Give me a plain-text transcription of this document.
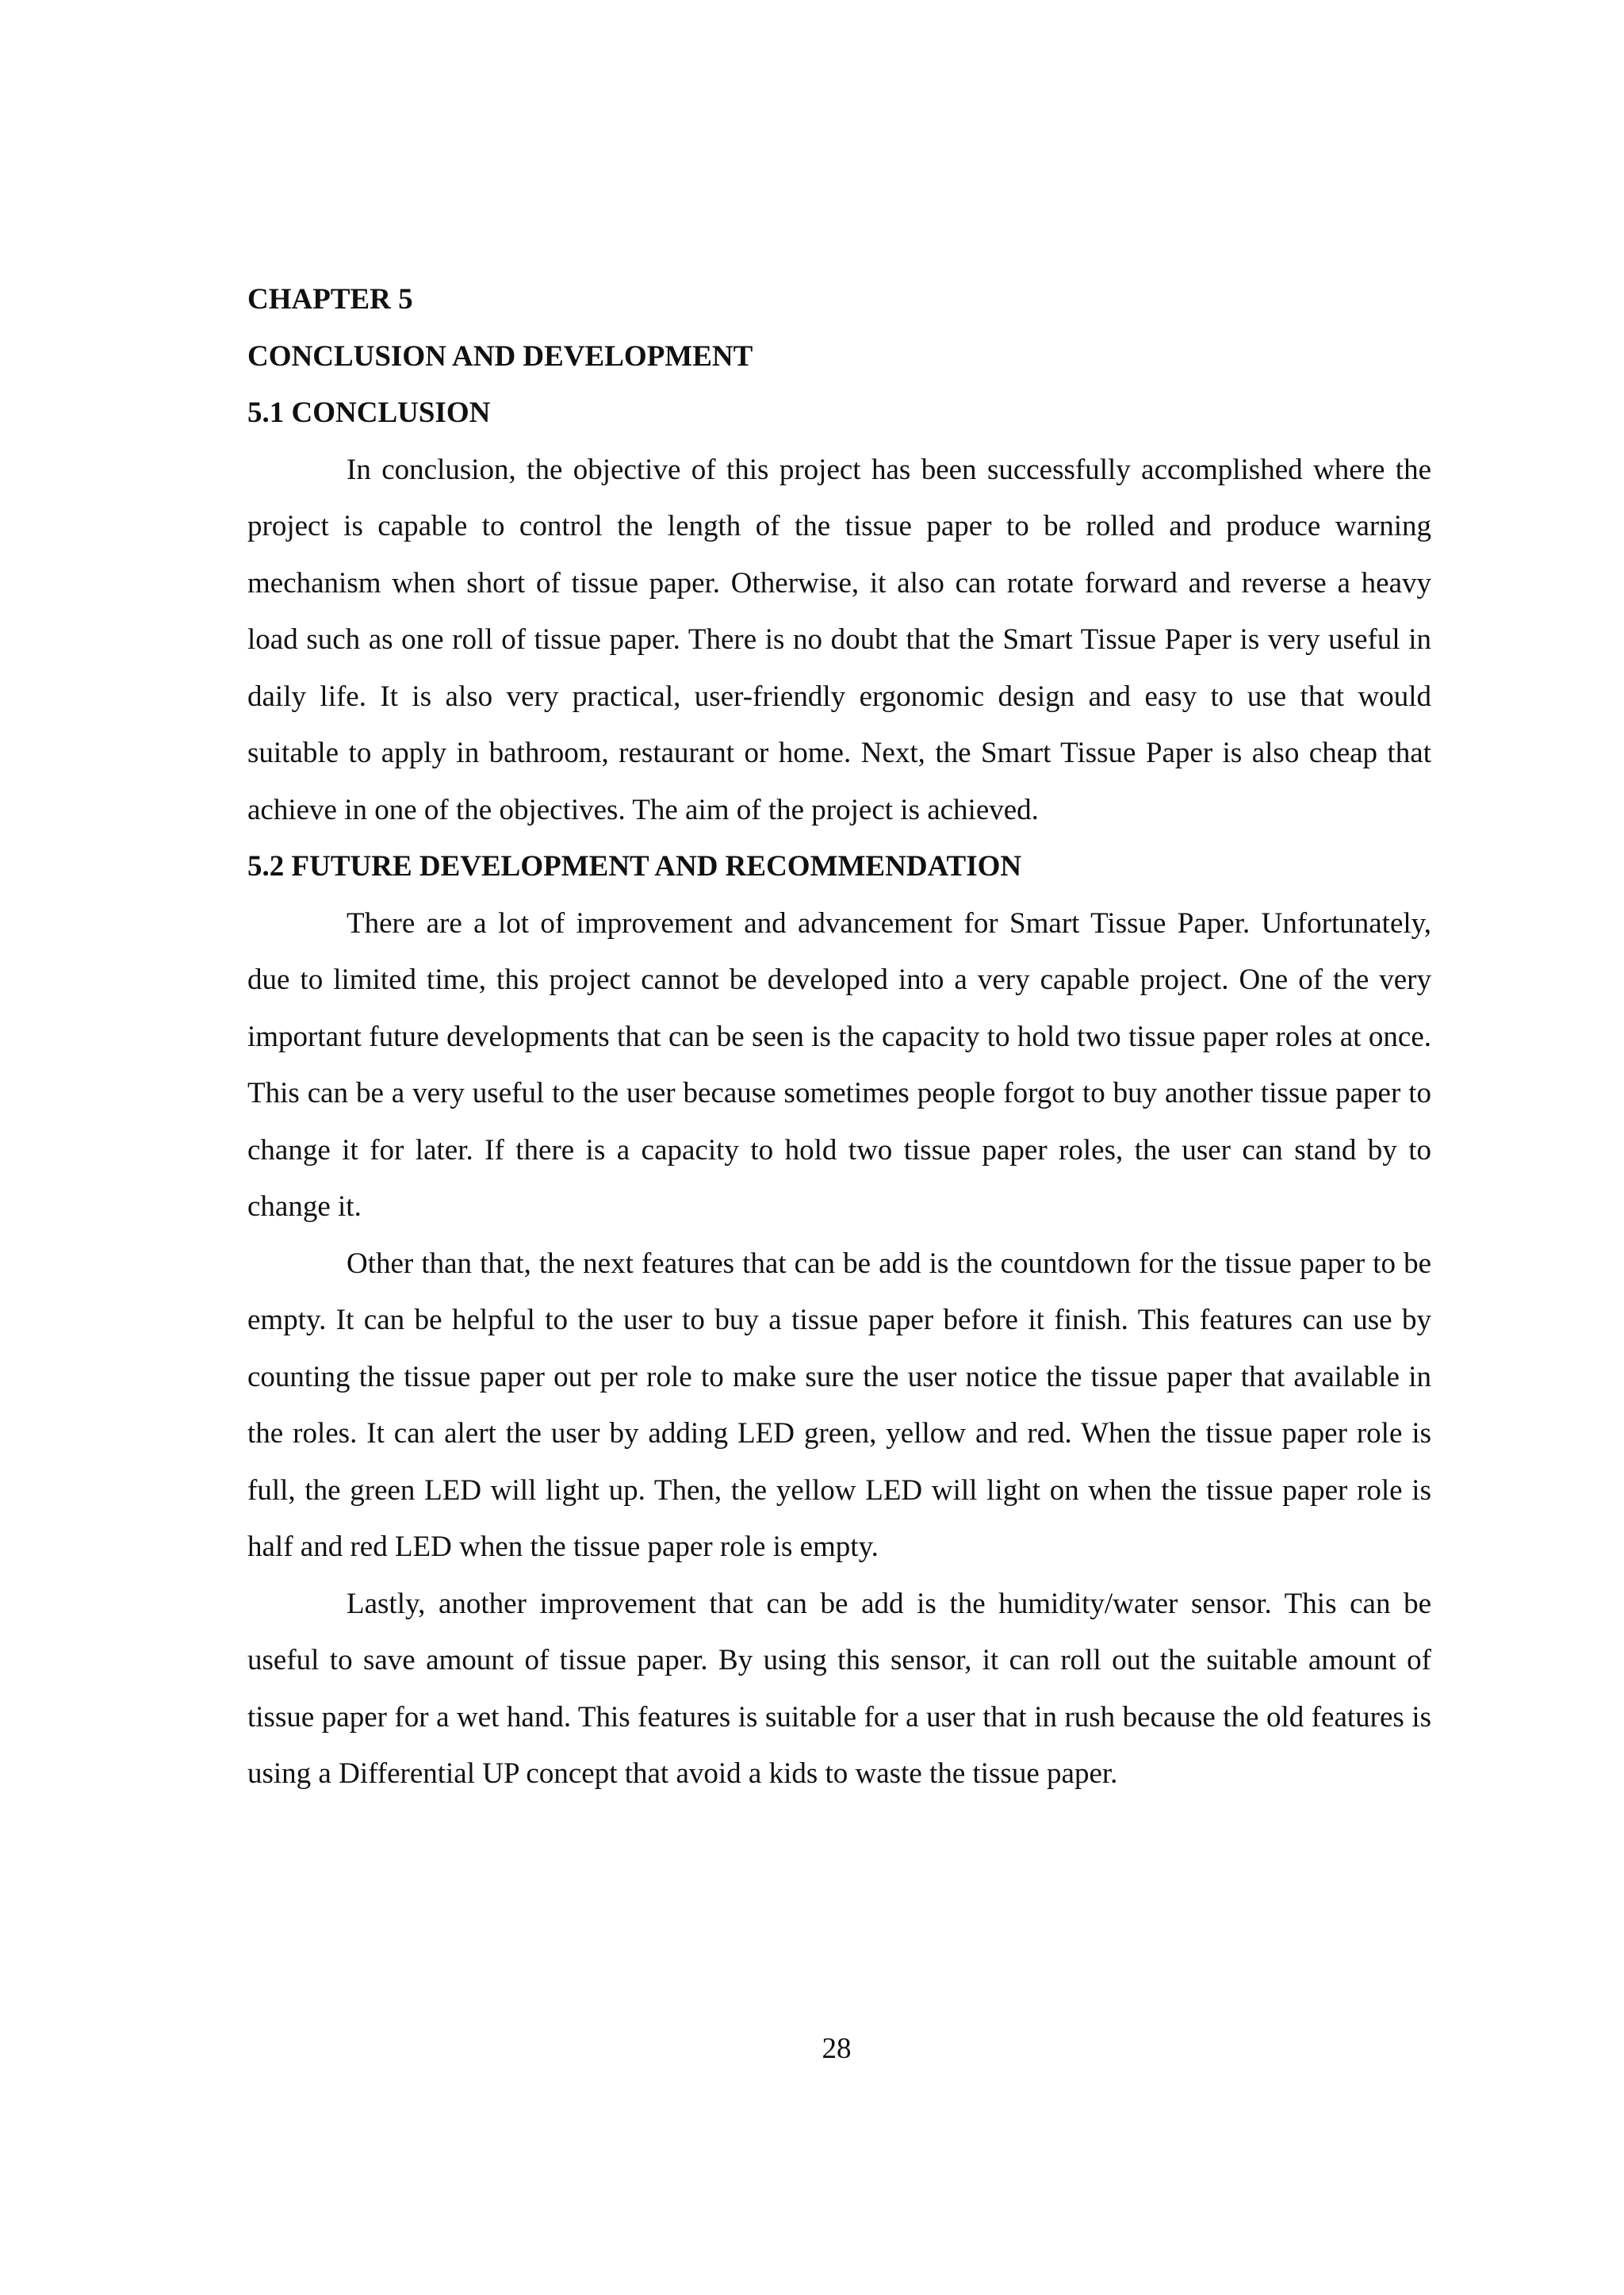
CHAPTER 5

CONCLUSION AND DEVELOPMENT

5.1 CONCLUSION

In conclusion, the objective of this project has been successfully accomplished where the project is capable to control the length of the tissue paper to be rolled and produce warning mechanism when short of tissue paper. Otherwise, it also can rotate forward and reverse a heavy load such as one roll of tissue paper. There is no doubt that the Smart Tissue Paper is very useful in daily life. It is also very practical, user-friendly ergonomic design and easy to use that would suitable to apply in bathroom, restaurant or home. Next, the Smart Tissue Paper is also cheap that achieve in one of the objectives. The aim of the project is achieved.

5.2 FUTURE DEVELOPMENT AND RECOMMENDATION

There are a lot of improvement and advancement for Smart Tissue Paper. Unfortunately, due to limited time, this project cannot be developed into a very capable project. One of the very important future developments that can be seen is the capacity to hold two tissue paper roles at once. This can be a very useful to the user because sometimes people forgot to buy another tissue paper to change it for later. If there is a capacity to hold two tissue paper roles, the user can stand by to change it.

Other than that, the next features that can be add is the countdown for the tissue paper to be empty. It can be helpful to the user to buy a tissue paper before it finish. This features can use by counting the tissue paper out per role to make sure the user notice the tissue paper that available in the roles. It can alert the user by adding LED green, yellow and red. When the tissue paper role is full, the green LED will light up. Then, the yellow LED will light on when the tissue paper role is half and red LED when the tissue paper role is empty.

Lastly, another improvement that can be add is the humidity/water sensor. This can be useful to save amount of tissue paper. By using this sensor, it can roll out the suitable amount of tissue paper for a wet hand. This features is suitable for a user that in rush because the old features is using a Differential UP concept that avoid a kids to waste the tissue paper.

28
